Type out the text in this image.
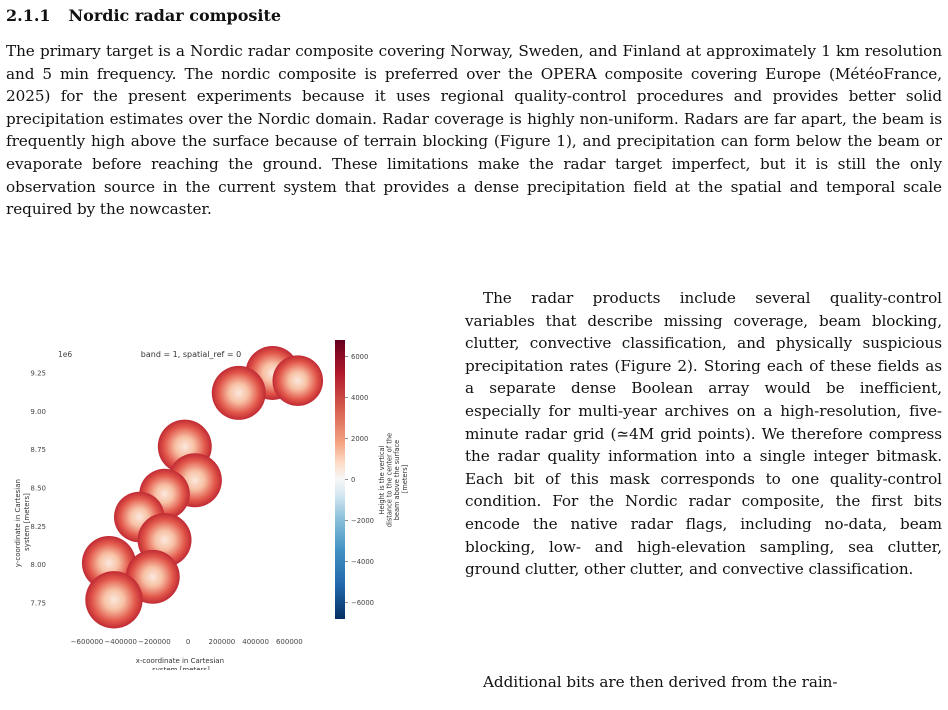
2.1.1 Nordic radar composite

The primary target is a Nordic radar composite covering Norway, Sweden, and Finland at approximately 1 km resolution and 5 min frequency. The nordic composite is preferred over the OPERA composite covering Europe (MétéoFrance, 2025) for the present experiments because it uses regional quality-control procedures and provides better solid precipitation estimates over the Nordic domain. Radar coverage is highly non-uniform. Radars are far apart, the beam is frequently high above the surface because of terrain blocking (Figure 1), and precipitation can form below the beam or evaporate before reaching the ground. These limitations make the radar target imperfect, but it is still the only observation source in the current system that provides a dense precipitation field at the spatial and temporal scale required by the nowcaster.

1e6	band = 1, spatial_ref = 0
7.75
8.00
8.25
8.50
8.75
9.00
9.25
−600000 −400000 −200000 0	200000 400000 600000
y-coordinate in Cartesian system [meters]
x-coordinate in Cartesian system [meters]
6000
4000
2000
0
−2000
−4000
−6000
Height is the vertical distance to the center of the beam above the surface [meters]

The radar products include several quality-control variables that describe missing coverage, beam blocking, clutter, convective classification, and physically suspicious precipitation rates (Figure 2). Storing each of these fields as a separate dense Boolean array would be inefficient, especially for multi-year archives on a high-resolution, five-minute radar grid (≃4M grid points). We therefore compress the radar quality information into a single integer bitmask. Each bit of this mask corresponds to one quality-control condition. For the Nordic radar composite, the first bits encode the native radar flags, including no-data, beam blocking, low- and high-elevation sampling, sea clutter, ground clutter, other clutter, and convective classification.

Additional bits are then derived from the rain-
